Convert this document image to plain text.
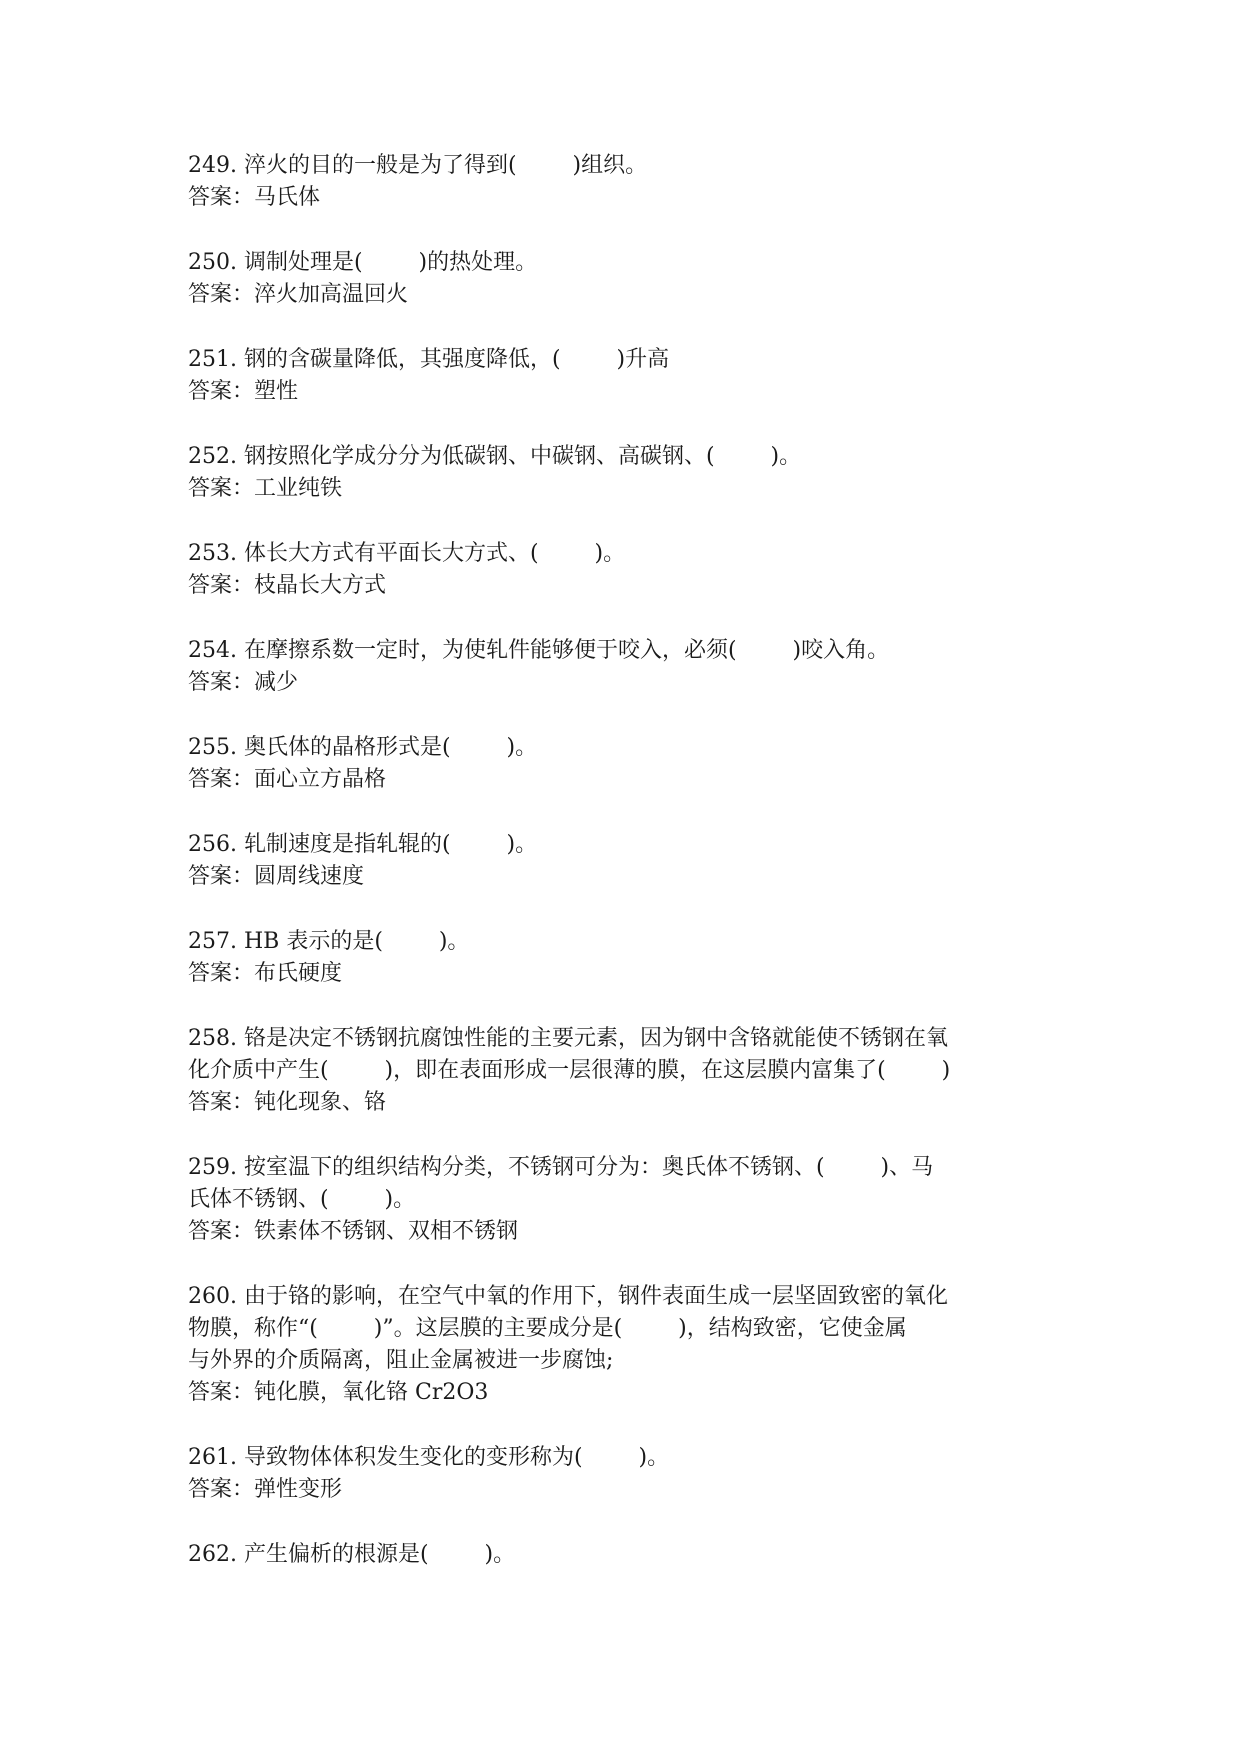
249. 淬火的目的一般是为了得到(        )组织。
答案：马氏体
250. 调制处理是(        )的热处理。
答案：淬火加高温回火
251. 钢的含碳量降低，其强度降低，(        )升高
答案：塑性
252. 钢按照化学成分分为低碳钢、中碳钢、高碳钢、(        )。
答案：工业纯铁
253. 体长大方式有平面长大方式、(        )。
答案：枝晶长大方式
254. 在摩擦系数一定时，为使轧件能够便于咬入，必须(        )咬入角。
答案：减少
255. 奥氏体的晶格形式是(        )。
答案：面心立方晶格
256. 轧制速度是指轧辊的(        )。
答案：圆周线速度
257. HB 表示的是(        )。
答案：布氏硬度
258. 铬是决定不锈钢抗腐蚀性能的主要元素，因为钢中含铬就能使不锈钢在氧
化介质中产生(        )，即在表面形成一层很薄的膜，在这层膜内富集了(        )
答案：钝化现象、铬
259. 按室温下的组织结构分类，不锈钢可分为：奥氏体不锈钢、(        )、马
氏体不锈钢、(        )。
答案：铁素体不锈钢、双相不锈钢
260. 由于铬的影响，在空气中氧的作用下，钢件表面生成一层坚固致密的氧化
物膜，称作“(        )”。这层膜的主要成分是(        )，结构致密，它使金属
与外界的介质隔离，阻止金属被进一步腐蚀;
答案：钝化膜，氧化铬 Cr2O3
261. 导致物体体积发生变化的变形称为(        )。
答案：弹性变形
262. 产生偏析的根源是(        )。
